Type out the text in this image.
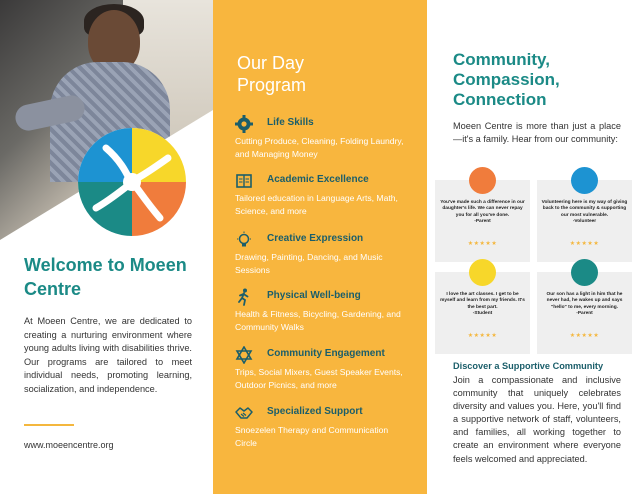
Welcome to Moeen Centre
At Moeen Centre, we are dedicated to creating a nurturing environment where young adults living with disabilities thrive. Our programs are tailored to meet individual needs, promoting learning, socialization, and independence.
www.moeencentre.org
Our Day Program
Life Skills
Cutting Produce, Cleaning, Folding Laundry, and Managing Money
Academic Excellence
Tailored education in Language Arts, Math, Science, and more
Creative Expression
Drawing, Painting, Dancing, and Music Sessions
Physical Well-being
Health & Fitness, Bicycling, Gardening, and Community Walks
Community Engagement
Trips, Social Mixers, Guest Speaker Events, Outdoor Picnics, and more
Specialized Support
Snoezelen Therapy and Communication Circle
Community, Compassion, Connection
Moeen Centre is more than just a place—it's a family. Hear from our community:
You've made such a difference in our daughter's life. We can never repay you for all you've done.
-Parent
★★★★★
Volunteering here is my way of giving back to the community & supporting our most vulnerable.
-Volunteer
★★★★★
I love the art classes. I get to be myself and learn from my friends. It's the best part.
-Student
★★★★★
Our son has a light in him that he never had, he wakes up and says "hello" to me, every morning.
-Parent
★★★★★
Discover a Supportive Community
Join a compassionate and inclusive community that uniquely celebrates diversity and values you. Here, you'll find a supportive network of staff, volunteers, and families, all working together to create an environment where everyone feels welcomed and appreciated.
